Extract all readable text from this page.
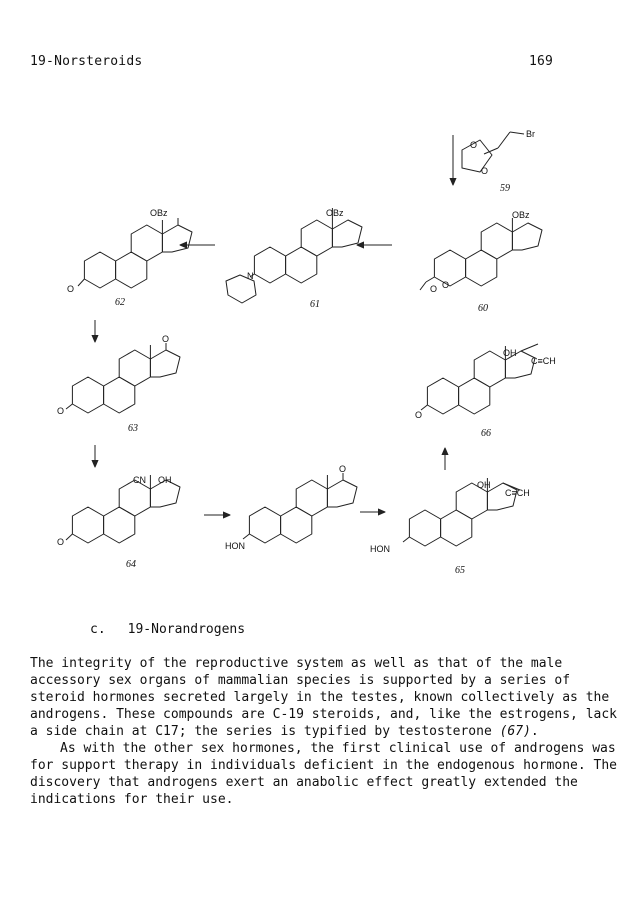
19-Norsteroids	169
O
O
Br
59
O
OBz
62
N
OBz
61
O O
OBz
60
O
O
63
O
OH
C≡CH
66
O
CN OH
64
HON
O
HON
OH
C≡CH
65
c. 19-Norandrogens

The integrity of the reproductive system as well as that of the male accessory sex organs of mammalian species is supported by a series of steroid hormones secreted largely in the testes, known collectively as the androgens. These compounds are C-19 steroids, and, like the estrogens, lack a side chain at C17; the series is typified by testosterone (67).

As with the other sex hormones, the first clinical use of androgens was for support therapy in individuals deficient in the endogenous hormone. The discovery that androgens exert an anabolic effect greatly extended the indications for their use.
